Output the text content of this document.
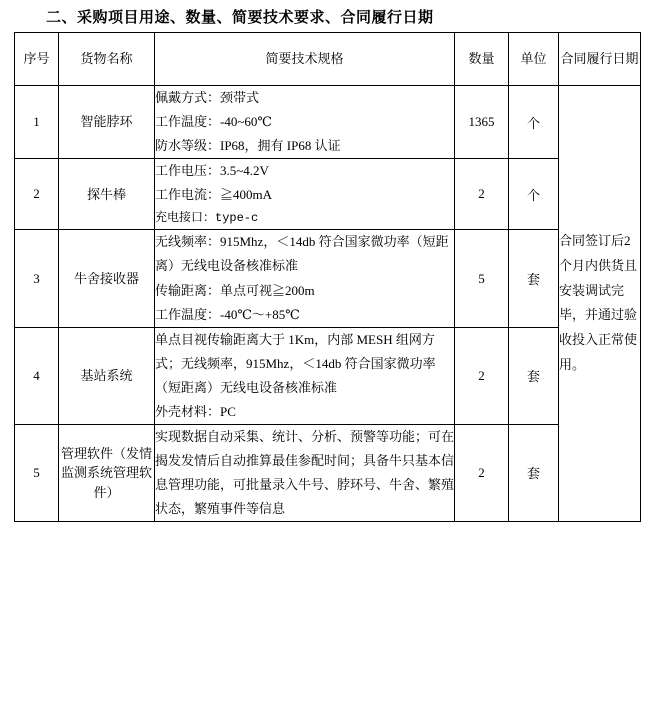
二、采购项目用途、数量、简要技术要求、合同履行日期
序号	货物名称	简要技术规格	数量	单位	合同履行日期
1	智能脖环	佩戴方式：颈带式
工作温度：-40~60℃
防水等级：IP68，拥有 IP68 认证	1365	个	合同签订后2个月内供货且安装调试完毕，并通过验收投入正常使用。
2	探牛棒	工作电压：3.5~4.2V
工作电流：≧400mA
充电接口：type-c	2	个	
3	牛舍接收器	无线频率：915Mhz，＜14db 符合国家微功率（短距离）无线电设备核准标准
传输距离：单点可视≧200m
工作温度：-40℃～+85℃	5	套	
4	基站系统	单点目视传输距离大于 1Km，内部 MESH 组网方式；无线频率，915Mhz，＜14db 符合国家微功率（短距离）无线电设备核准标准
外壳材料：PC	2	套	
5	管理软件（发情监测系统管理软件）	实现数据自动采集、统计、分析、预警等功能；可在揭发发情后自动推算最佳参配时间；具备牛只基本信息管理功能，可批量录入牛号、脖环号、牛舍、繁殖状态，繁殖事件等信息	2	套	
